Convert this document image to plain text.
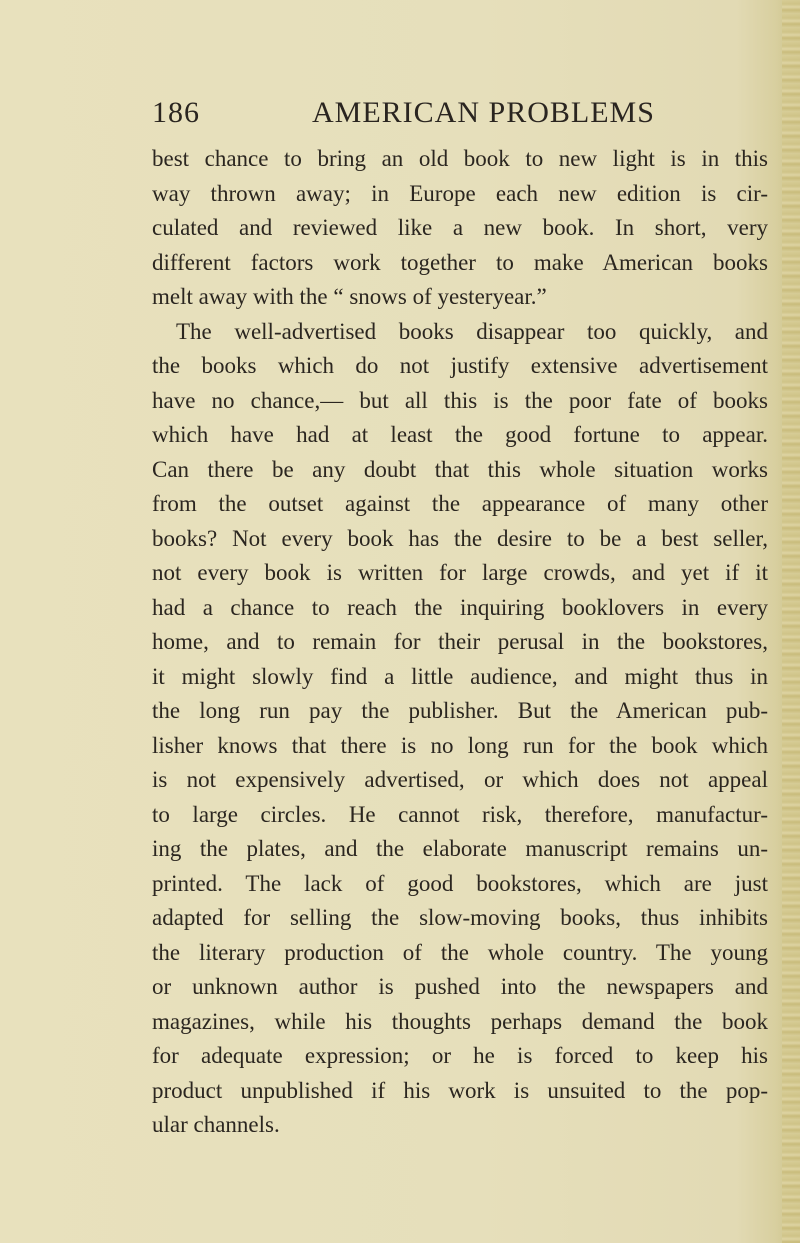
186	AMERICAN PROBLEMS
best chance to bring an old book to new light is in this
way thrown away; in Europe each new edition is cir-
culated and reviewed like a new book. In short, very
different factors work together to make American books
melt away with the “ snows of yesteryear.”
The well-advertised books disappear too quickly, and
the books which do not justify extensive advertisement
have no chance,— but all this is the poor fate of books
which have had at least the good fortune to appear.
Can there be any doubt that this whole situation works
from the outset against the appearance of many other
books? Not every book has the desire to be a best seller,
not every book is written for large crowds, and yet if it
had a chance to reach the inquiring booklovers in every
home, and to remain for their perusal in the bookstores,
it might slowly find a little audience, and might thus in
the long run pay the publisher. But the American pub-
lisher knows that there is no long run for the book which
is not expensively advertised, or which does not appeal
to large circles. He cannot risk, therefore, manufactur-
ing the plates, and the elaborate manuscript remains un-
printed. The lack of good bookstores, which are just
adapted for selling the slow-moving books, thus inhibits
the literary production of the whole country. The young
or unknown author is pushed into the newspapers and
magazines, while his thoughts perhaps demand the book
for adequate expression; or he is forced to keep his
product unpublished if his work is unsuited to the pop-
ular channels.
